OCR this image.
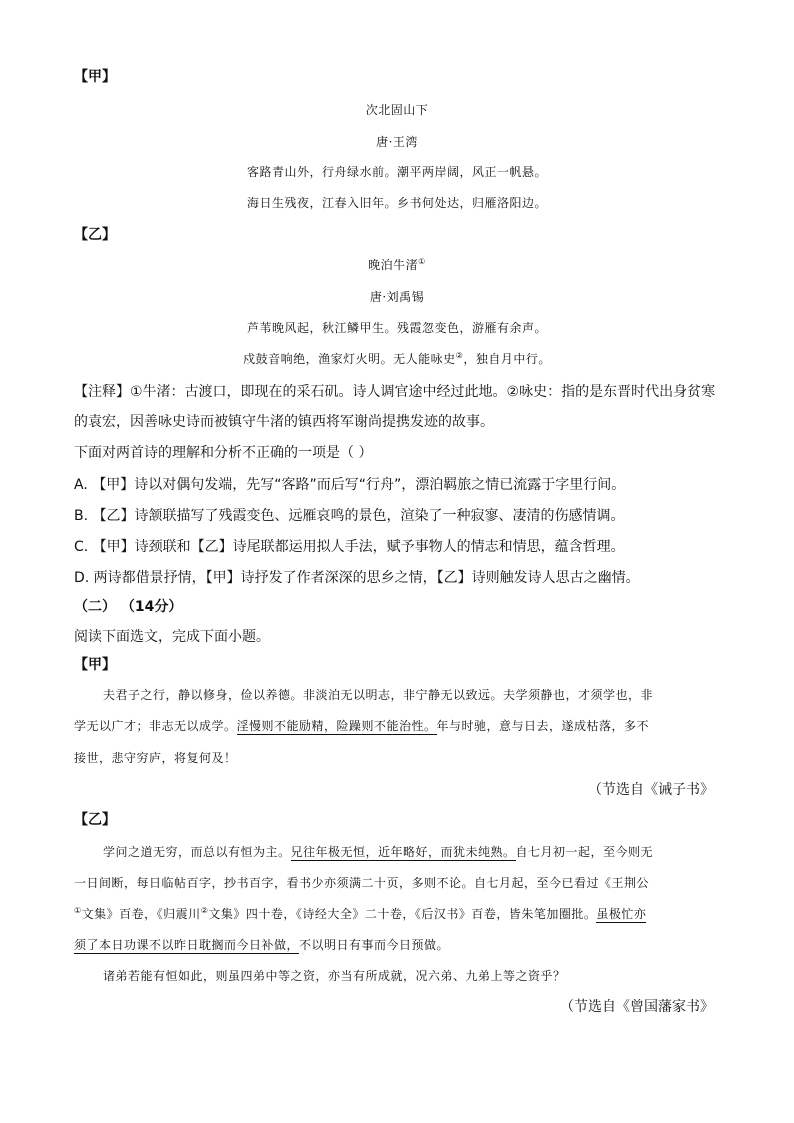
【甲】
次北固山下
唐·王湾
客路青山外，行舟绿水前。潮平两岸阔，风正一帆悬。
海日生残夜，江春入旧年。乡书何处达，归雁洛阳边。
【乙】
晚泊牛渚①
唐·刘禹锡
芦苇晚风起，秋江鳞甲生。残霞忽变色，游雁有余声。
戍鼓音响绝，渔家灯火明。无人能咏史②，独自月中行。
【注释】①牛渚：古渡口，即现在的采石矶。诗人调官途中经过此地。②咏史：指的是东晋时代出身贫寒
的袁宏，因善咏史诗而被镇守牛渚的镇西将军谢尚提携发迹的故事。
下面对两首诗的理解和分析不正确的一项是（ ）
A. 【甲】诗以对偶句发端，先写“客路”而后写“行舟”，漂泊羁旅之情已流露于字里行间。
B. 【乙】诗颔联描写了残霞变色、远雁哀鸣的景色，渲染了一种寂寥、凄清的伤感情调。
C. 【甲】诗颈联和【乙】诗尾联都运用拟人手法，赋予事物人的情志和情思，蕴含哲理。
D. 两诗都借景抒情，【甲】诗抒发了作者深深的思乡之情，【乙】诗则触发诗人思古之幽情。
（二） （14分）
阅读下面选文，完成下面小题。
【甲】
夫君子之行，静以修身，俭以养德。非淡泊无以明志，非宁静无以致远。夫学须静也，才须学也，非
学无以广才；非志无以成学。淫慢则不能励精，险躁则不能治性。年与时驰，意与日去，遂成枯落，多不
接世，悲守穷庐，将复何及！
（节选自《诫子书》
【乙】
学问之道无穷，而总以有恒为主。兄往年极无恒，近年略好，而犹未纯熟。自七月初一起，至今则无
一日间断，每日临帖百字，抄书百字，看书少亦须满二十页，多则不论。自七月起，至今已看过《王荆公
①文集》百卷，《归震川②文集》四十卷，《诗经大全》二十卷，《后汉书》百卷，皆朱笔加圈批。虽极忙亦
须了本日功课不以昨日耽搁而今日补做，不以明日有事而今日预做。
诸弟若能有恒如此，则虽四弟中等之资，亦当有所成就，况六弟、九弟上等之资乎？
（节选自《曾国藩家书》
